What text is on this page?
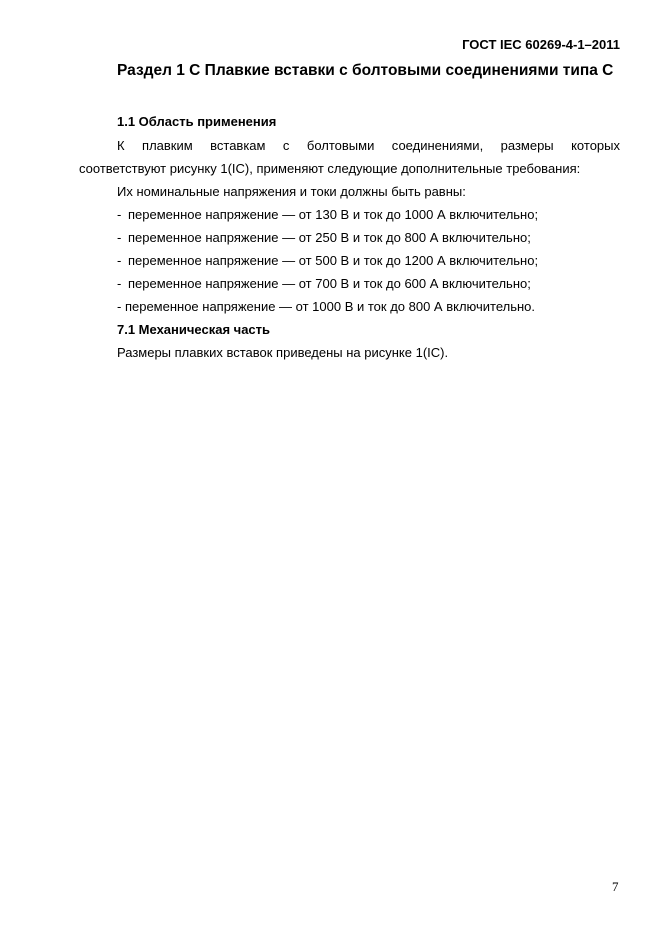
ГОСТ IEC 60269-4-1–2011
Раздел 1 С Плавкие вставки с болтовыми соединениями типа С
1.1 Область применения
К плавким вставкам с болтовыми соединениями, размеры которых
соответствуют рисунку 1(IC), применяют следующие дополнительные требования:
Их номинальные напряжения и токи должны быть равны:
- переменное напряжение — от 130 В и ток до 1000 А включительно;
- переменное напряжение — от 250 В и ток до 800 А включительно;
- переменное напряжение — от 500 В и ток до 1200 А включительно;
- переменное напряжение — от 700 В и ток до 600 А включительно;
- переменное напряжение — от 1000 В и ток до 800 А включительно.
7.1 Механическая часть
Размеры плавких вставок приведены на рисунке 1(IC).
7
